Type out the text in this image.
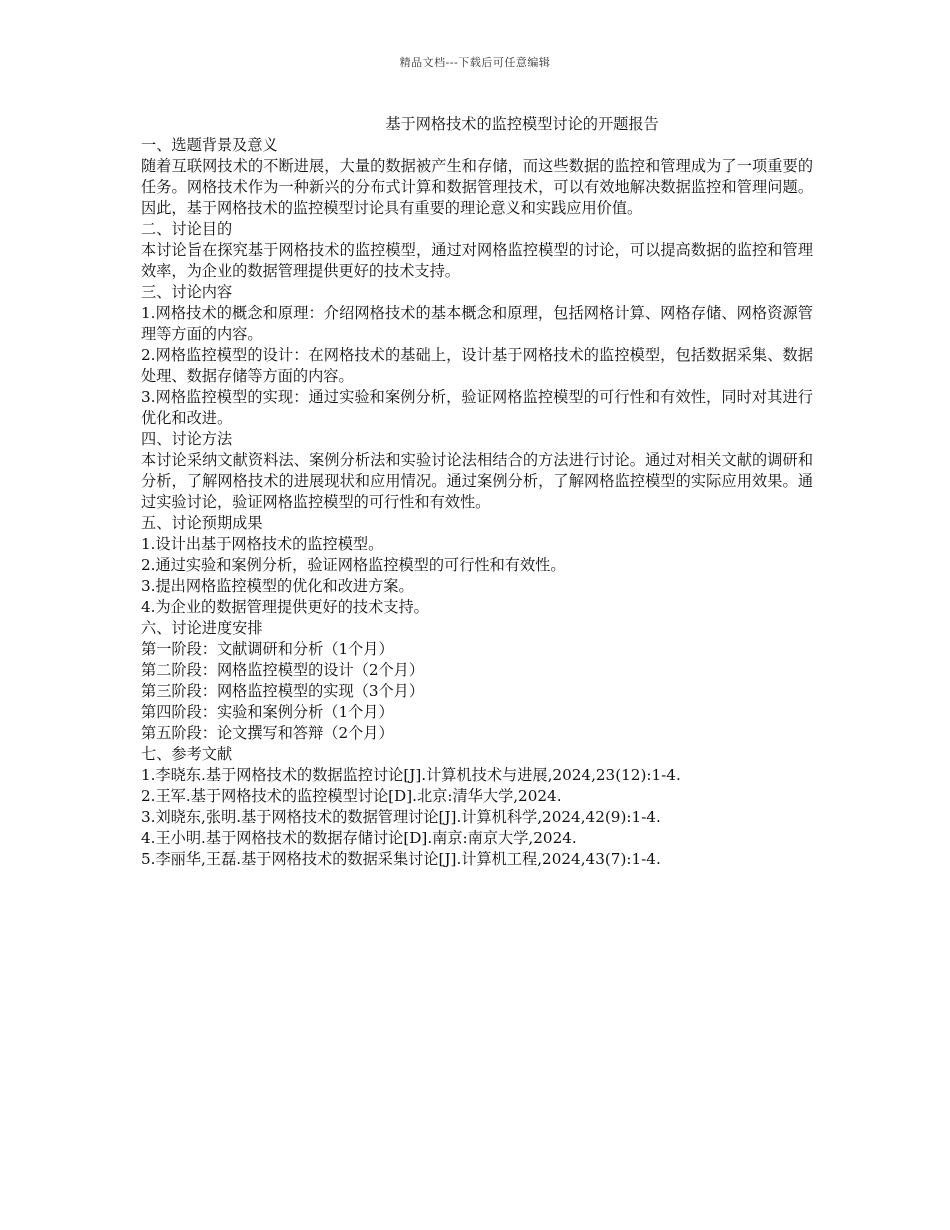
精品文档---下载后可任意编辑

基于网格技术的监控模型讨论的开题报告

一、选题背景及意义

随着互联网技术的不断进展，大量的数据被产生和存储，而这些数据的监控和管理成为了一项重要的任务。网格技术作为一种新兴的分布式计算和数据管理技术，可以有效地解决数据监控和管理问题。因此，基于网格技术的监控模型讨论具有重要的理论意义和实践应用价值。

二、讨论目的

本讨论旨在探究基于网格技术的监控模型，通过对网格监控模型的讨论，可以提高数据的监控和管理效率，为企业的数据管理提供更好的技术支持。

三、讨论内容

1.网格技术的概念和原理：介绍网格技术的基本概念和原理，包括网格计算、网格存储、网格资源管理等方面的内容。

2.网格监控模型的设计：在网格技术的基础上，设计基于网格技术的监控模型，包括数据采集、数据处理、数据存储等方面的内容。

3.网格监控模型的实现：通过实验和案例分析，验证网格监控模型的可行性和有效性，同时对其进行优化和改进。

四、讨论方法

本讨论采纳文献资料法、案例分析法和实验讨论法相结合的方法进行讨论。通过对相关文献的调研和分析，了解网格技术的进展现状和应用情况。通过案例分析，了解网格监控模型的实际应用效果。通过实验讨论，验证网格监控模型的可行性和有效性。

五、讨论预期成果

1.设计出基于网格技术的监控模型。

2.通过实验和案例分析，验证网格监控模型的可行性和有效性。

3.提出网格监控模型的优化和改进方案。

4.为企业的数据管理提供更好的技术支持。

六、讨论进度安排

第一阶段：文献调研和分析（1个月）

第二阶段：网格监控模型的设计（2个月）

第三阶段：网格监控模型的实现（3个月）

第四阶段：实验和案例分析（1个月）

第五阶段：论文撰写和答辩（2个月）

七、参考文献

1.李晓东.基于网格技术的数据监控讨论[J].计算机技术与进展,2024,23(12):1-4.

2.王军.基于网格技术的监控模型讨论[D].北京:清华大学,2024.

3.刘晓东,张明.基于网格技术的数据管理讨论[J].计算机科学,2024,42(9):1-4.

4.王小明.基于网格技术的数据存储讨论[D].南京:南京大学,2024.

5.李丽华,王磊.基于网格技术的数据采集讨论[J].计算机工程,2024,43(7):1-4.
